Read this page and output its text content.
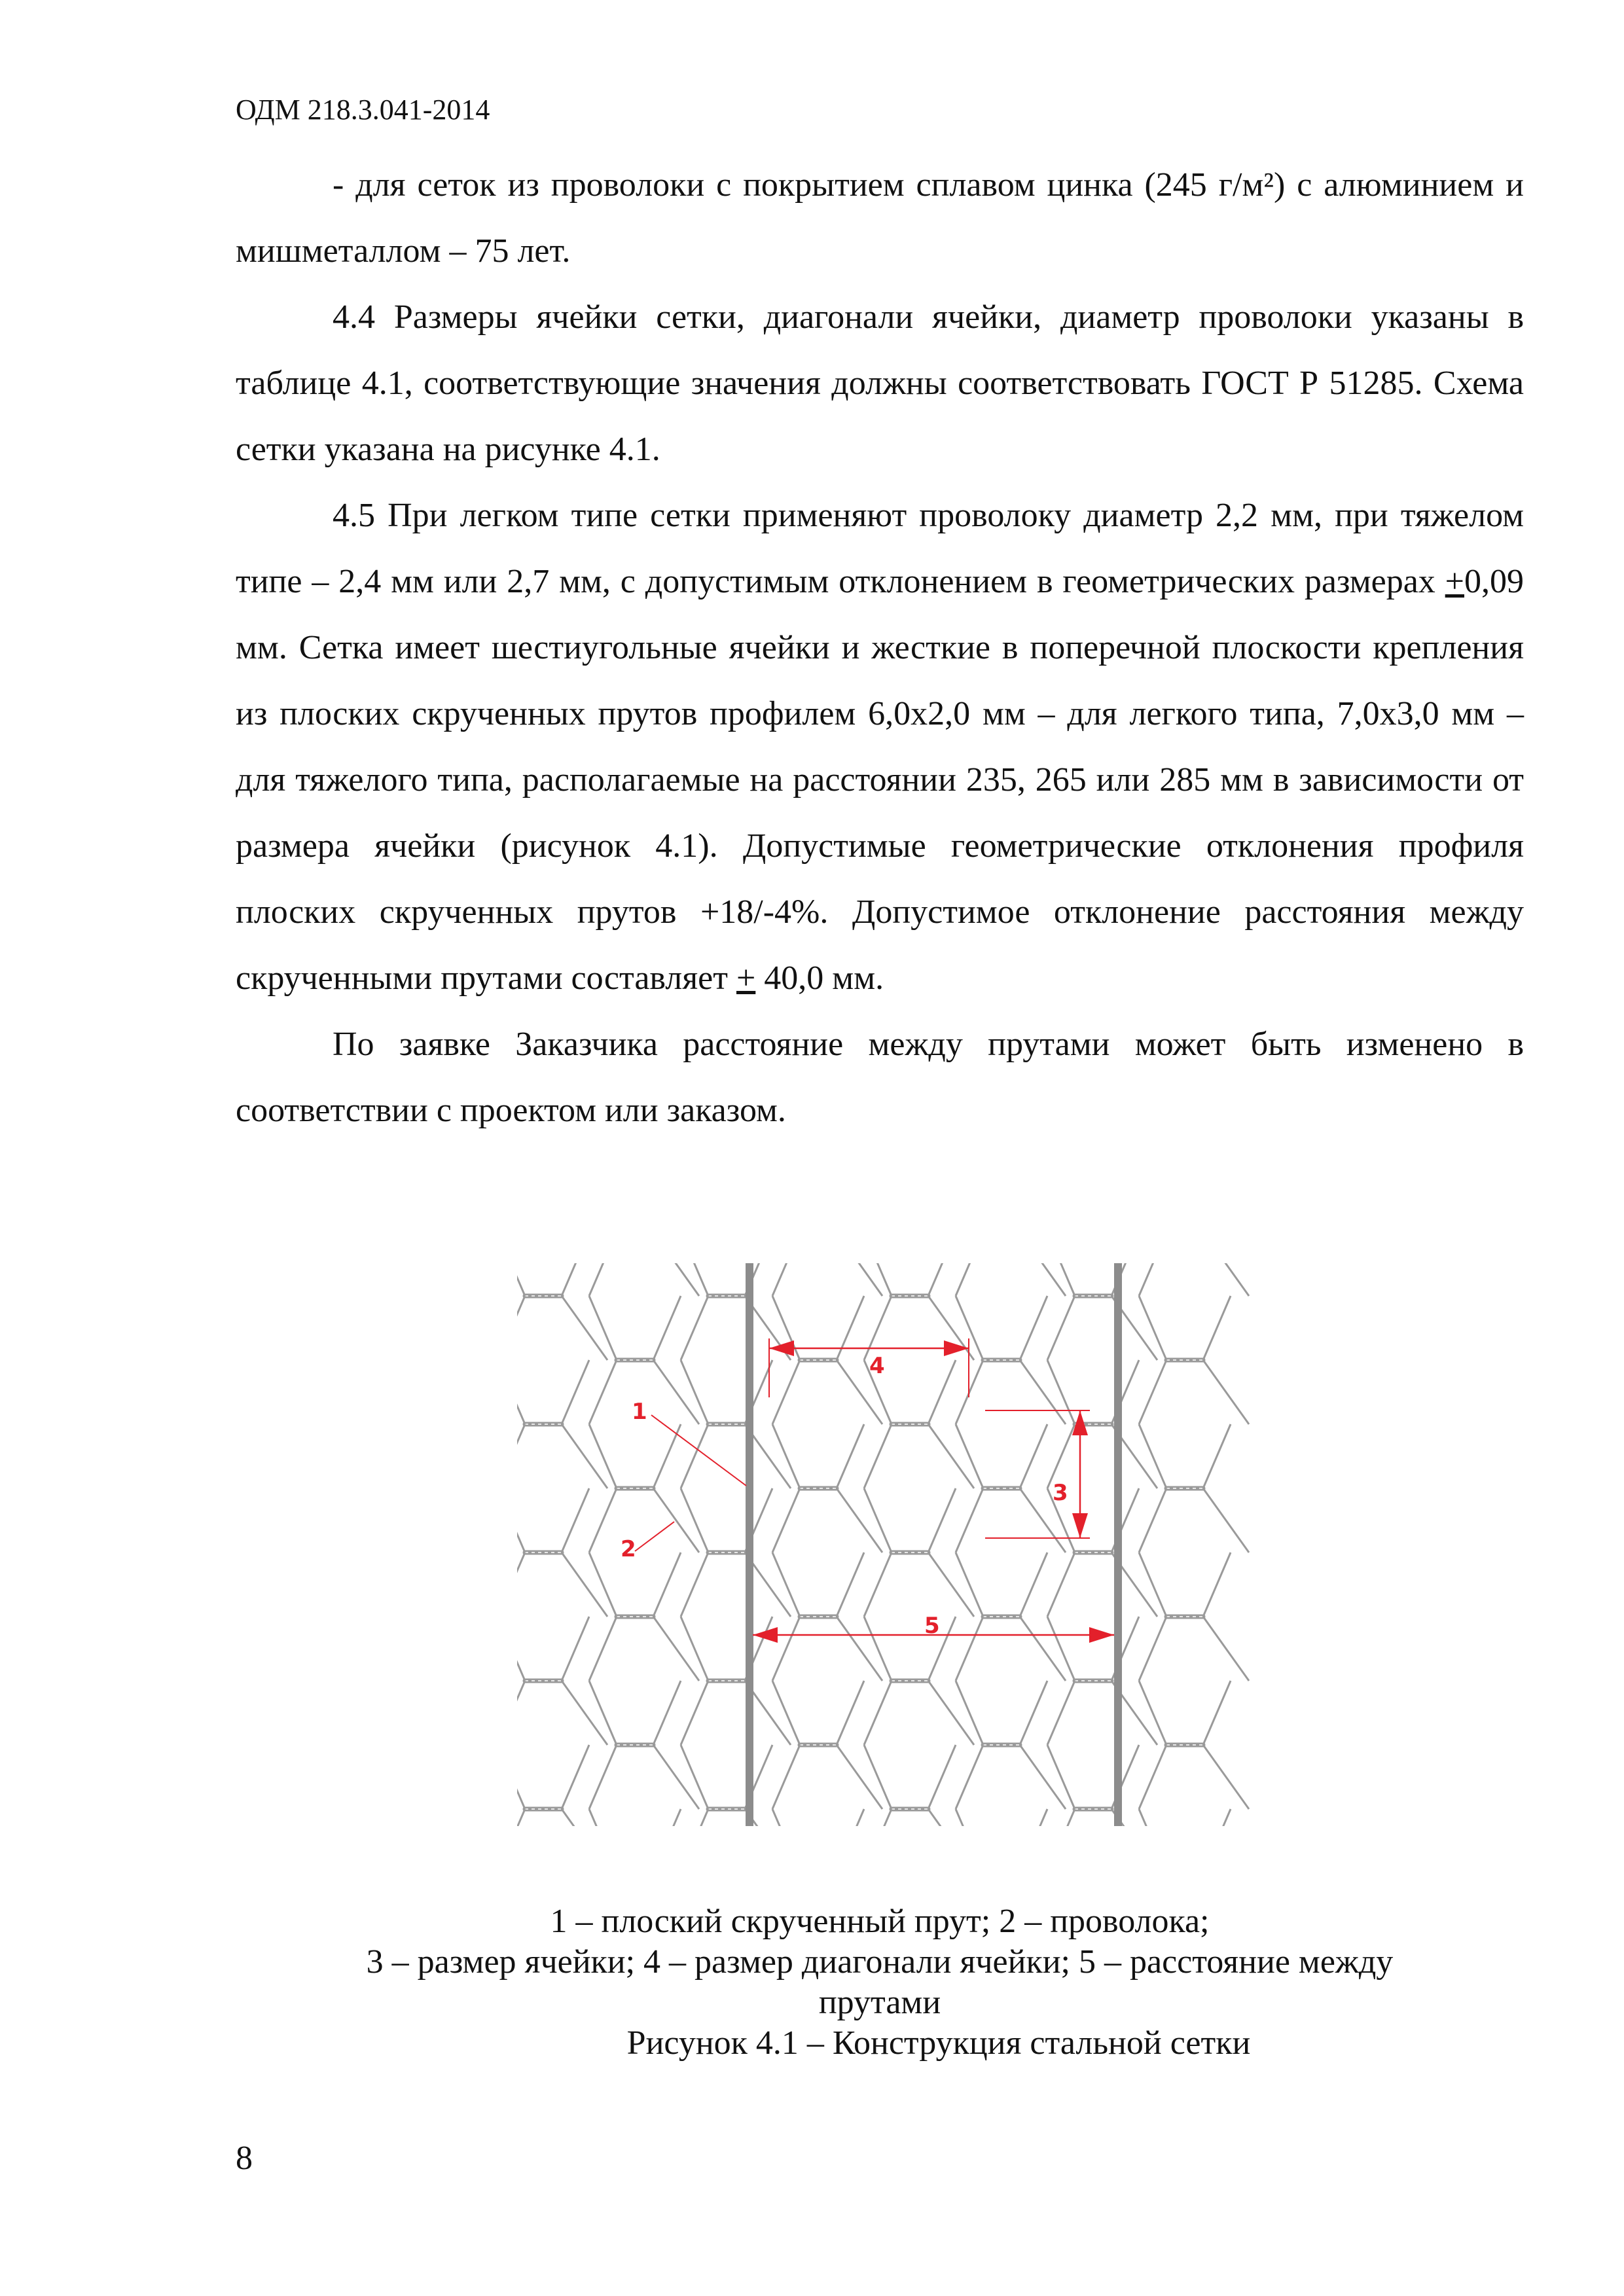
ОДМ 218.3.041-2014

- для сеток из проволоки с покрытием сплавом цинка (245 г/м²) с алюминием и мишметаллом – 75 лет.

4.4 Размеры ячейки сетки, диагонали ячейки, диаметр проволоки указаны в таблице 4.1, соответствующие значения должны соответствовать ГОСТ Р 51285. Схема сетки указана на рисунке 4.1.

4.5 При легком типе сетки применяют проволоку диаметр 2,2 мм, при тяжелом типе – 2,4 мм или 2,7 мм, с допустимым отклонением в геометрических размерах +0,09 мм. Сетка имеет шестиугольные ячейки и жесткие в поперечной плоскости крепления из плоских скрученных прутов профилем 6,0х2,0 мм – для легкого типа, 7,0х3,0 мм – для тяжелого типа, располагаемые на расстоянии 235, 265 или 285 мм в зависимости от размера ячейки (рисунок 4.1). Допустимые геометрические отклонения профиля плоских скрученных прутов +18/-4%. Допустимое отклонение расстояния между скрученными прутами составляет + 40,0 мм.

По заявке Заказчика расстояние между прутами может быть изменено в соответствии с проектом или заказом.

1
2
3
4
5
1 – плоский скрученный прут; 2 – проволока;
3 – размер ячейки; 4 – размер диагонали ячейки; 5 – расстояние между
прутами
Рисунок 4.1 – Конструкция стальной сетки
8
